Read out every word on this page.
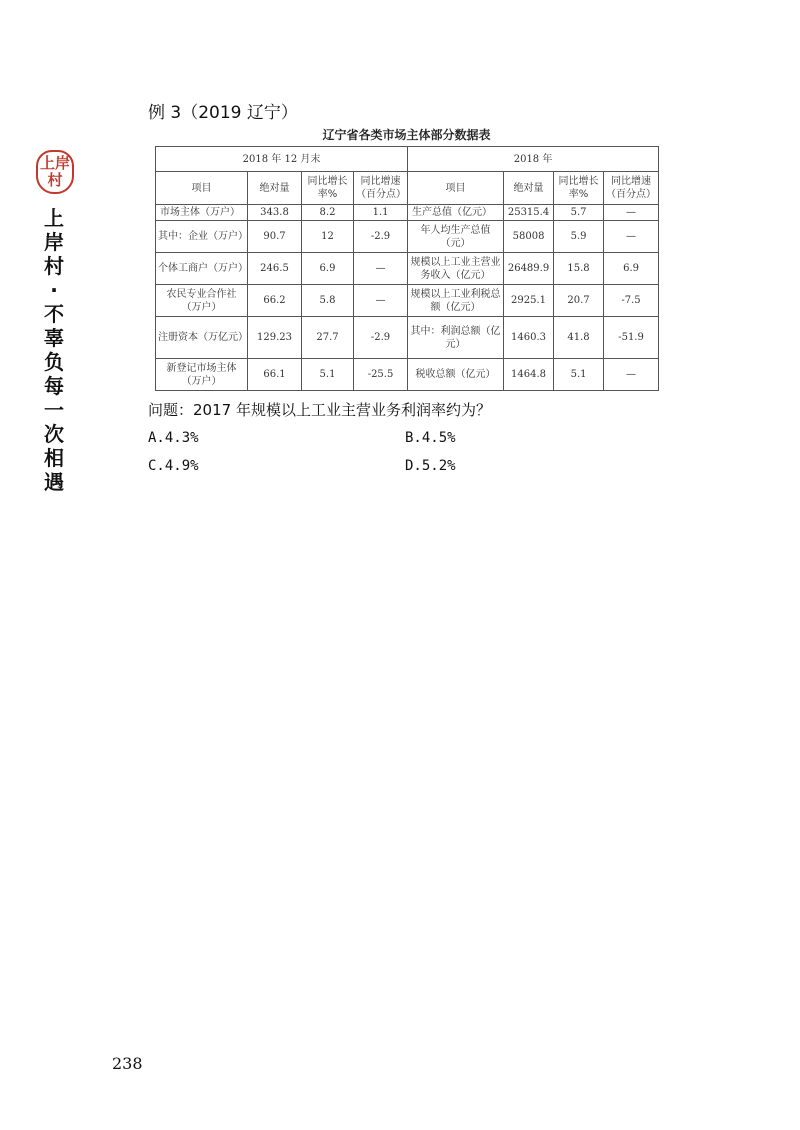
上岸
村
上
岸
村
·
不
辜
负
每
一
次
相
遇
例 3（2019 辽宁）
辽宁省各类市场主体部分数据表
2018 年 12 月末				2018 年			
项目	绝对量	同比增长率%	同比增速（百分点）	项目	绝对量	同比增长率%	同比增速（百分点）
市场主体（万户）	343.8	8.2	1.1	生产总值（亿元）	25315.4	5.7	—
其中：企业（万户）	90.7	12	-2.9	年人均生产总值（元）	58008	5.9	—
个体工商户（万户）	246.5	6.9	—	规模以上工业主营业务收入（亿元）	26489.9	15.8	6.9
农民专业合作社（万户）	66.2	5.8	—	规模以上工业利税总额（亿元）	2925.1	20.7	-7.5
注册资本（万亿元）	129.23	27.7	-2.9	其中：利润总额（亿元）	1460.3	41.8	-51.9
新登记市场主体（万户）	66.1	5.1	-25.5	税收总额（亿元）	1464.8	5.1	—
问题：2017 年规模以上工业主营业务利润率约为？
A.4.3%	B.4.5%
C.4.9%	D.5.2%
238
